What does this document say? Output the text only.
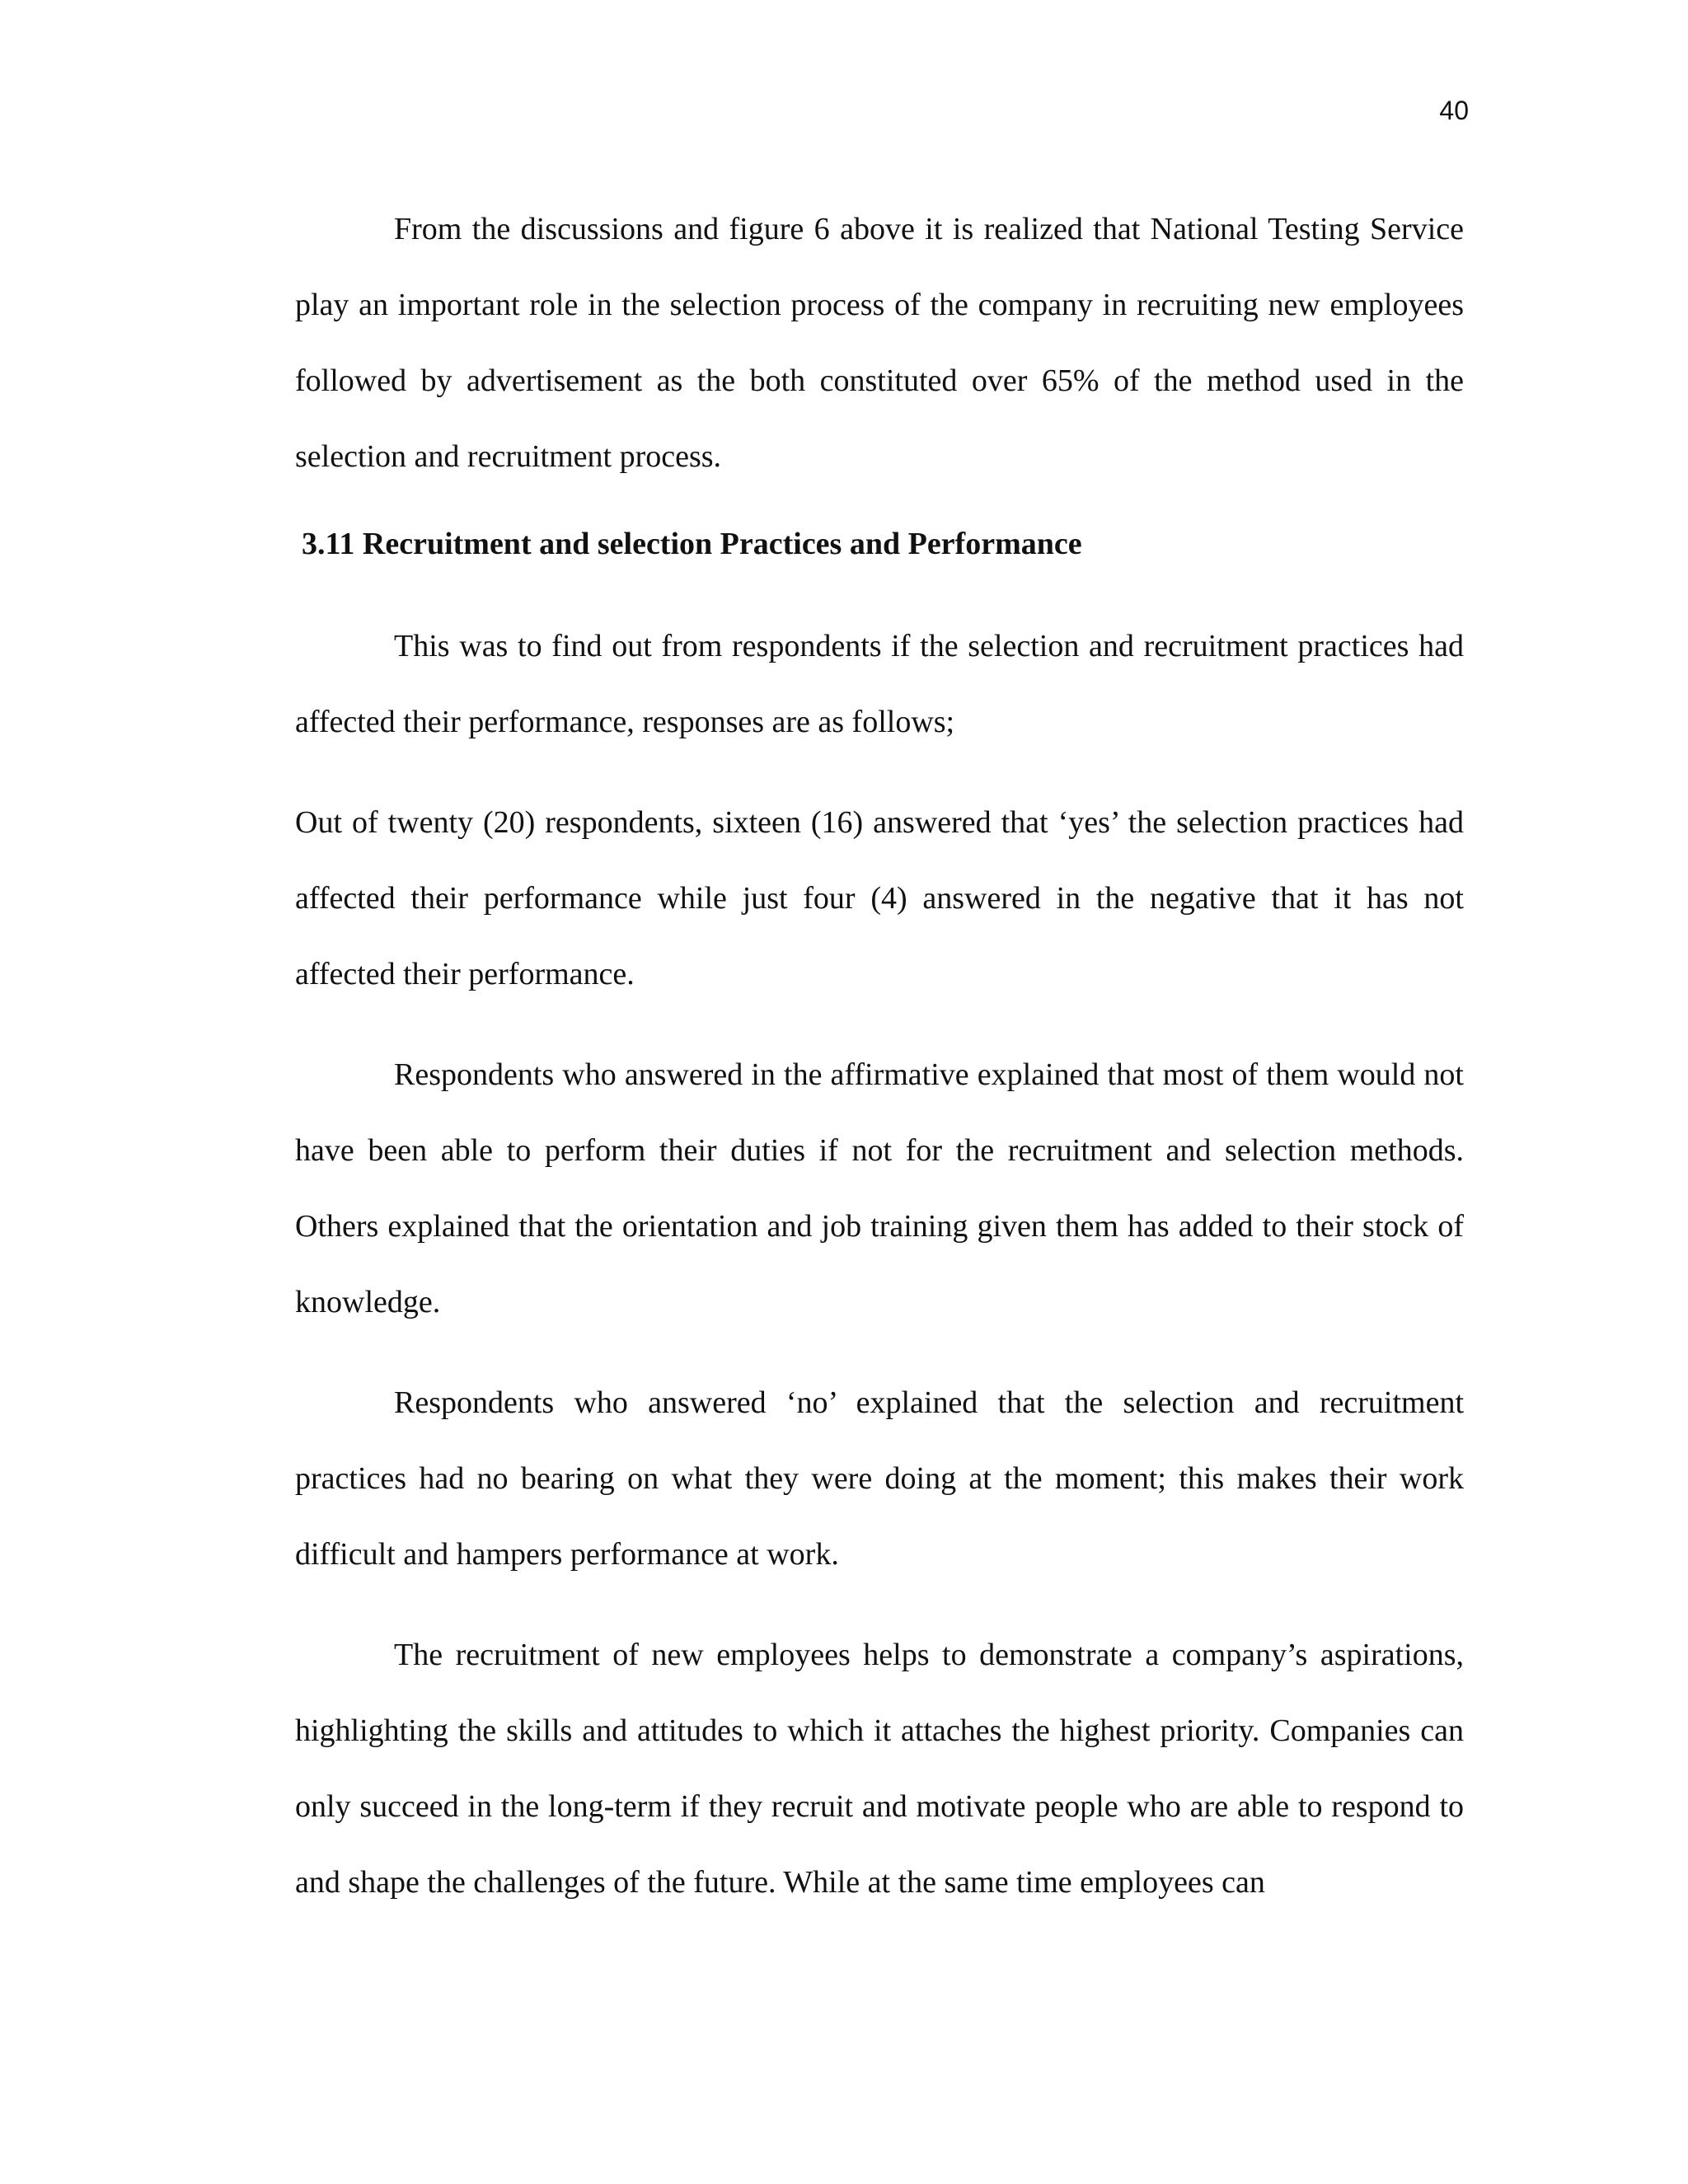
40

From the discussions and figure 6 above it is realized that National Testing Service play an important role in the selection process of the company in recruiting new employees followed by advertisement as the both constituted over 65% of the method used in the selection and recruitment process.

3.11 Recruitment and selection Practices and Performance

This was to find out from respondents if the selection and recruitment practices had affected their performance, responses are as follows;

Out of twenty (20) respondents, sixteen (16) answered that ‘yes’ the selection practices had affected their performance while just four (4) answered in the negative that it has not affected their performance.

Respondents who answered in the affirmative explained that most of them would not have been able to perform their duties if not for the recruitment and selection methods. Others explained that the orientation and job training given them has added to their stock of knowledge.

Respondents who answered ‘no’ explained that the selection and recruitment practices had no bearing on what they were doing at the moment; this makes their work difficult and hampers performance at work.

The recruitment of new employees helps to demonstrate a company’s aspirations, highlighting the skills and attitudes to which it attaches the highest priority. Companies can only succeed in the long-term if they recruit and motivate people who are able to respond to and shape the challenges of the future. While at the same time employees can
